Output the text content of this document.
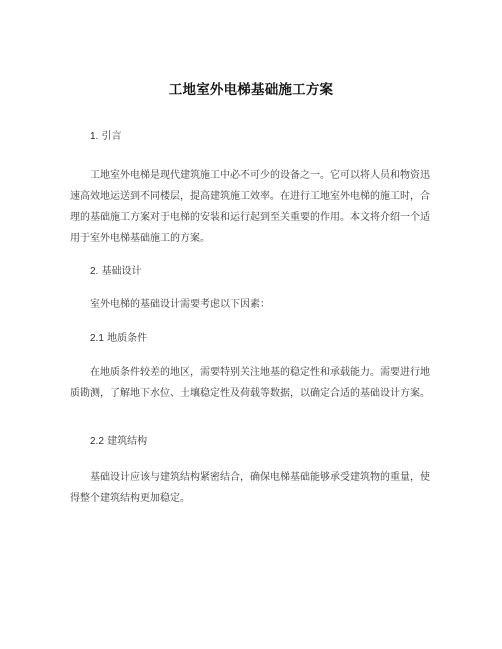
工地室外电梯基础施工方案
1. 引言
工地室外电梯是现代建筑施工中必不可少的设备之一。它可以将人员和物资迅
速高效地运送到不同楼层，提高建筑施工效率。在进行工地室外电梯的施工时，合
理的基础施工方案对于电梯的安装和运行起到至关重要的作用。本文将介绍一个适
用于室外电梯基础施工的方案。
2. 基础设计
室外电梯的基础设计需要考虑以下因素：
2.1 地质条件
在地质条件较差的地区，需要特别关注地基的稳定性和承载能力。需要进行地
质勘测，了解地下水位、土壤稳定性及荷载等数据，以确定合适的基础设计方案。
2.2 建筑结构
基础设计应该与建筑结构紧密结合，确保电梯基础能够承受建筑物的重量，使
得整个建筑结构更加稳定。
